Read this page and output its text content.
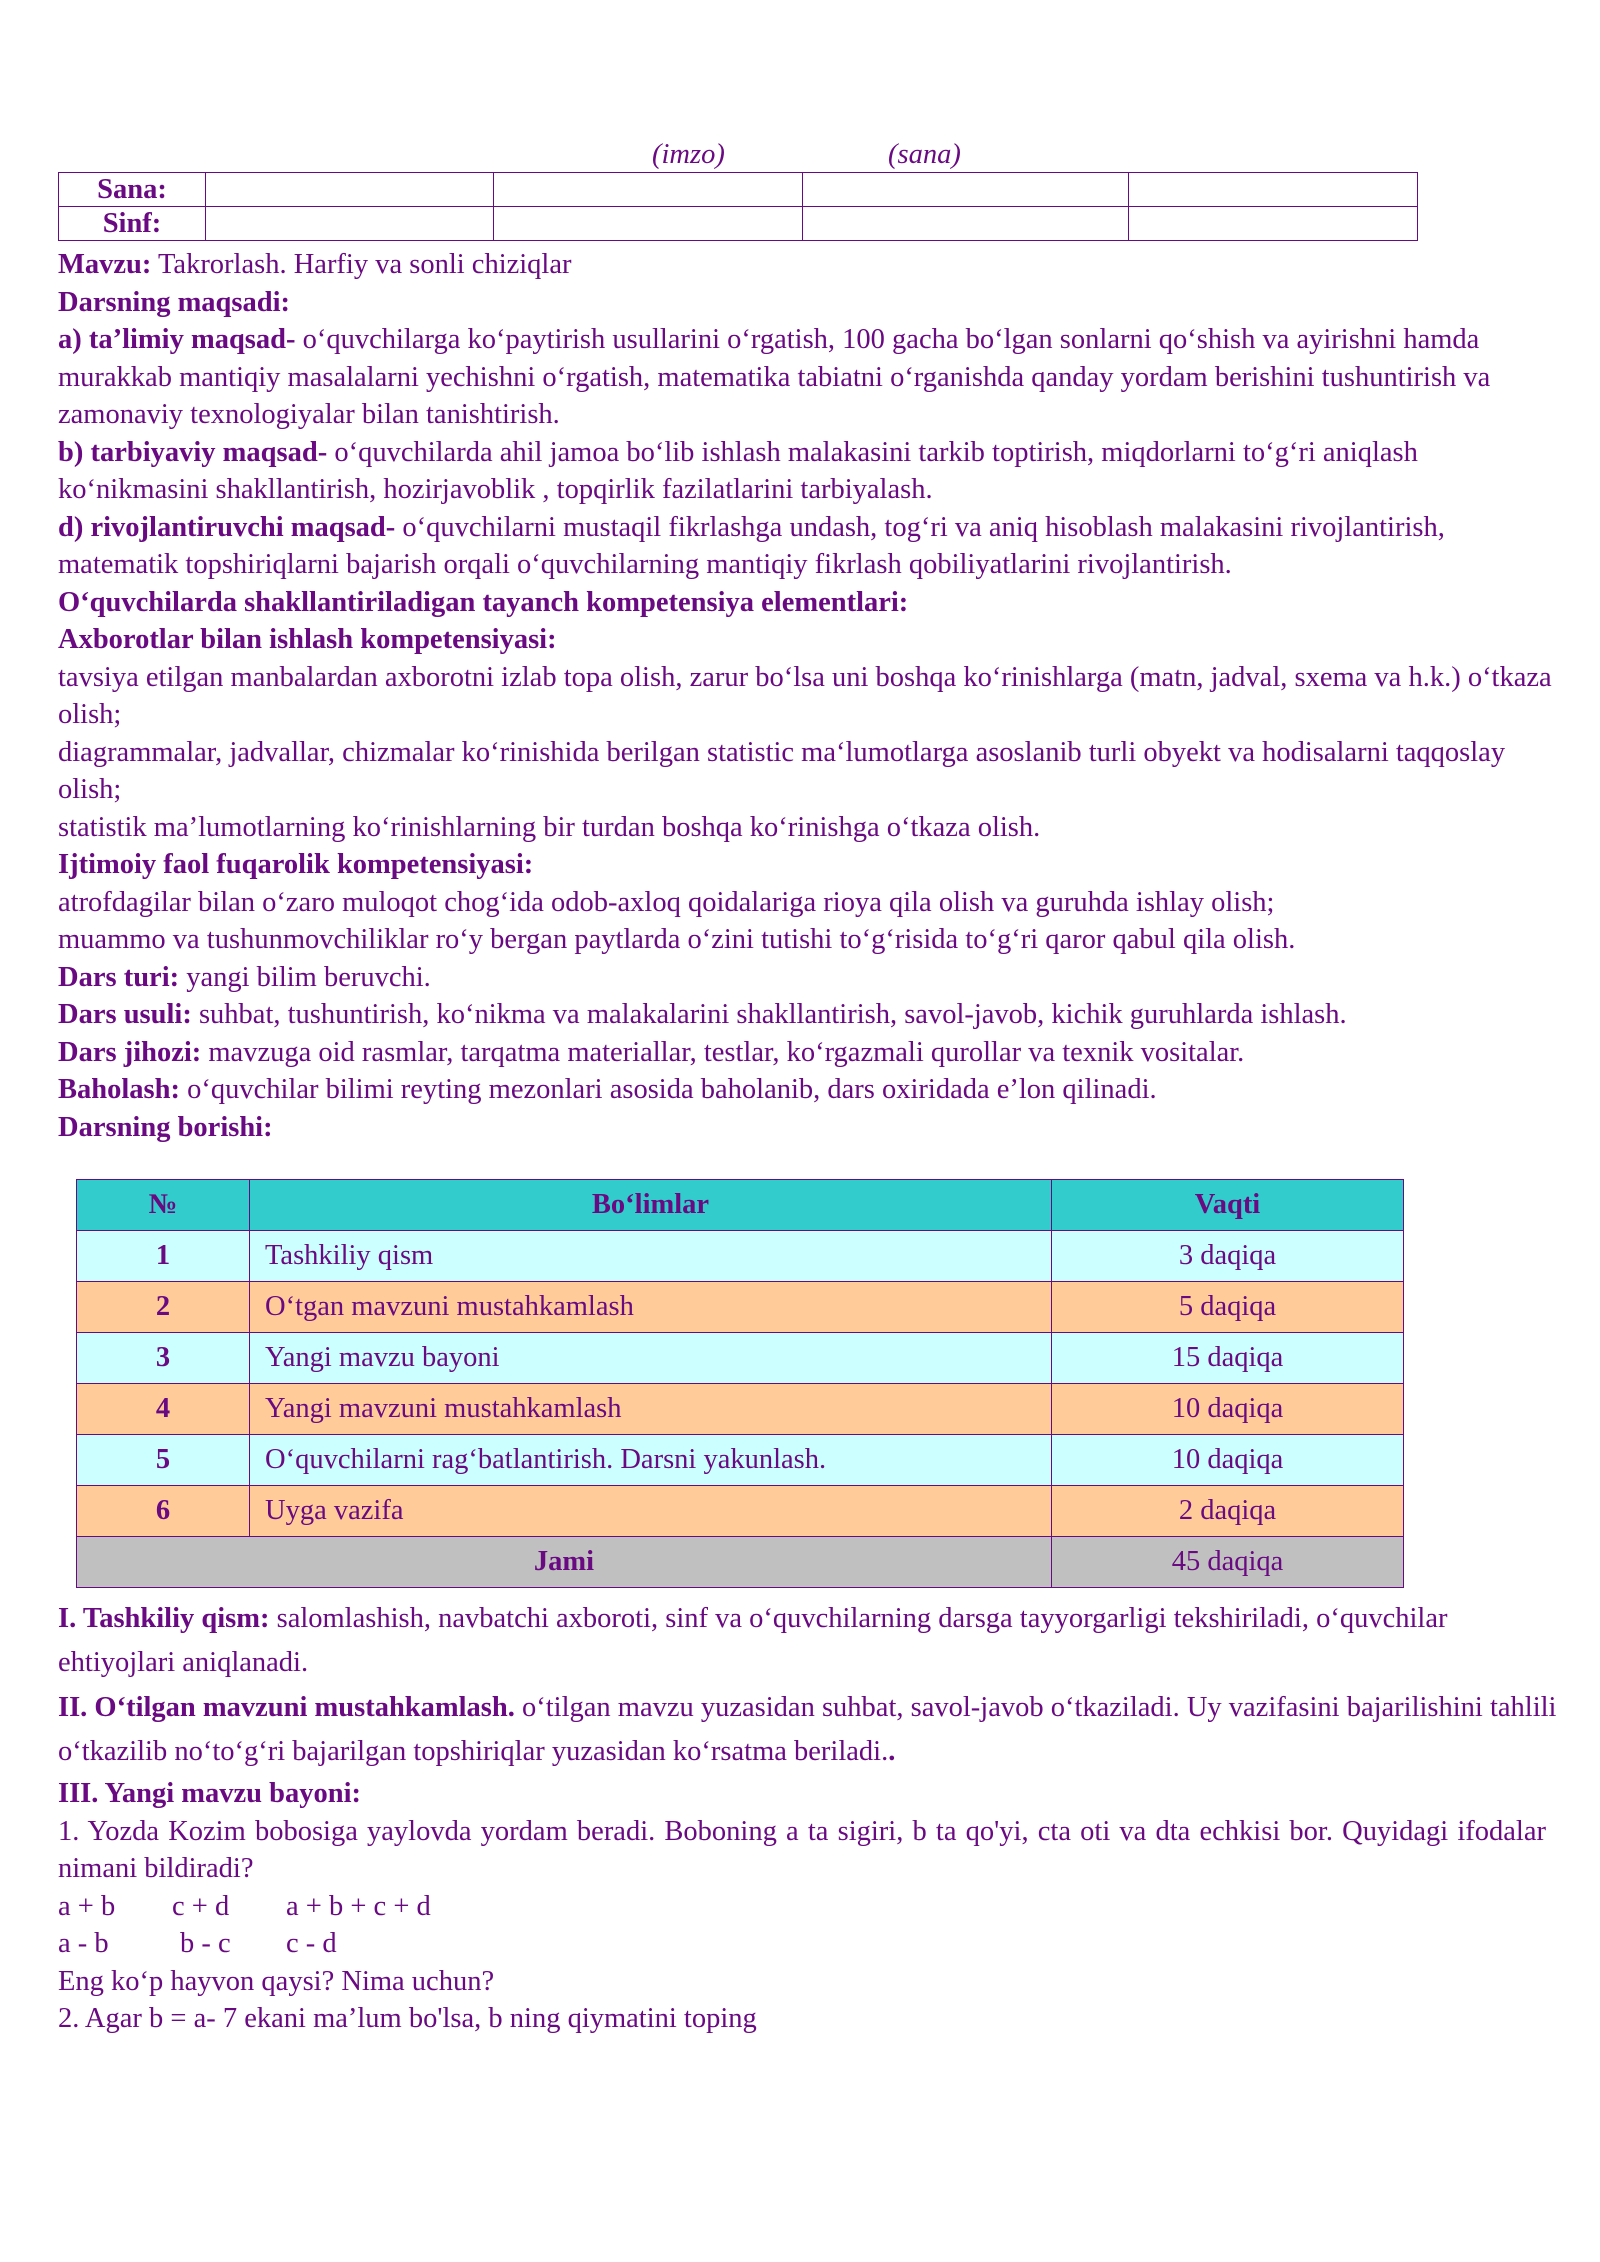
(imzo)	(sana)
Sana:				
Sinf:				

Mavzu: Takrorlash. Harfiy va sonli chiziqlar

Darsning maqsadi:

a) ta’limiy maqsad- o‘quvchilarga ko‘paytirish usullarini o‘rgatish, 100 gacha bo‘lgan sonlarni qo‘shish va ayirishni hamda murakkab mantiqiy masalalarni yechishni o‘rgatish, matematika tabiatni o‘rganishda qanday yordam berishini tushuntirish va zamonaviy texnologiyalar bilan tanishtirish.

b) tarbiyaviy maqsad- o‘quvchilarda ahil jamoa bo‘lib ishlash malakasini tarkib toptirish, miqdorlarni to‘g‘ri aniqlash ko‘nikmasini shakllantirish, hozirjavoblik , topqirlik fazilatlarini tarbiyalash.

d) rivojlantiruvchi maqsad- o‘quvchilarni mustaqil fikrlashga undash, tog‘ri va aniq hisoblash malakasini rivojlantirish, matematik topshiriqlarni bajarish orqali o‘quvchilarning mantiqiy fikrlash qobiliyatlarini rivojlantirish.

O‘quvchilarda shakllantiriladigan tayanch kompetensiya elementlari:

Axborotlar bilan ishlash kompetensiyasi:

tavsiya etilgan manbalardan axborotni izlab topa olish, zarur bo‘lsa uni boshqa ko‘rinishlarga (matn, jadval, sxema va h.k.) o‘tkaza olish;

diagrammalar, jadvallar, chizmalar ko‘rinishida berilgan statistic ma‘lumotlarga asoslanib turli obyekt va hodisalarni taqqoslay olish;

statistik ma’lumotlarning ko‘rinishlarning bir turdan boshqa ko‘rinishga o‘tkaza olish.

Ijtimoiy faol fuqarolik kompetensiyasi:

atrofdagilar bilan o‘zaro muloqot chog‘ida odob-axloq qoidalariga rioya qila olish va guruhda ishlay olish;

muammo va tushunmovchiliklar ro‘y bergan paytlarda o‘zini tutishi to‘g‘risida to‘g‘ri qaror qabul qila olish.

Dars turi: yangi bilim beruvchi.

Dars usuli: suhbat, tushuntirish, ko‘nikma va malakalarini shakllantirish, savol-javob, kichik guruhlarda ishlash.

Dars jihozi: mavzuga oid rasmlar, tarqatma materiallar, testlar, ko‘rgazmali qurollar va texnik vositalar.

Baholash: o‘quvchilar bilimi reyting mezonlari asosida baholanib, dars oxiridada e’lon qilinadi.

Darsning borishi:

№	Bo‘limlar	Vaqti
1	Tashkiliy qism	3 daqiqa
2	O‘tgan mavzuni mustahkamlash	5 daqiqa
3	Yangi mavzu bayoni	15 daqiqa
4	Yangi mavzuni mustahkamlash	10 daqiqa
5	O‘quvchilarni rag‘batlantirish. Darsni yakunlash.	10 daqiqa
6	Uyga vazifa	2 daqiqa
Jami		45 daqiqa

I. Tashkiliy qism: salomlashish, navbatchi axboroti, sinf va o‘quvchilarning darsga tayyorgarligi tekshiriladi, o‘quvchilar ehtiyojlari aniqlanadi.

II. O‘tilgan mavzuni mustahkamlash. o‘tilgan mavzu yuzasidan suhbat, savol-javob o‘tkaziladi. Uy vazifasini bajarilishini tahlili o‘tkazilib no‘to‘g‘ri bajarilgan topshiriqlar yuzasidan ko‘rsatma beriladi..

III. Yangi mavzu bayoni:

1. Yozda Kozim bobosiga yaylovda yordam beradi. Boboning a ta sigiri, b ta qo'yi, cta oti va dta echkisi bor. Quyidagi ifodalar nimani bildiradi?

a + b c + d a + b + c + d

a - b	b - c c - d

Eng ko‘p hayvon qaysi? Nima uchun?

2. Agar b = a- 7 ekani ma’lum bo'lsa, b ning qiymatini toping
